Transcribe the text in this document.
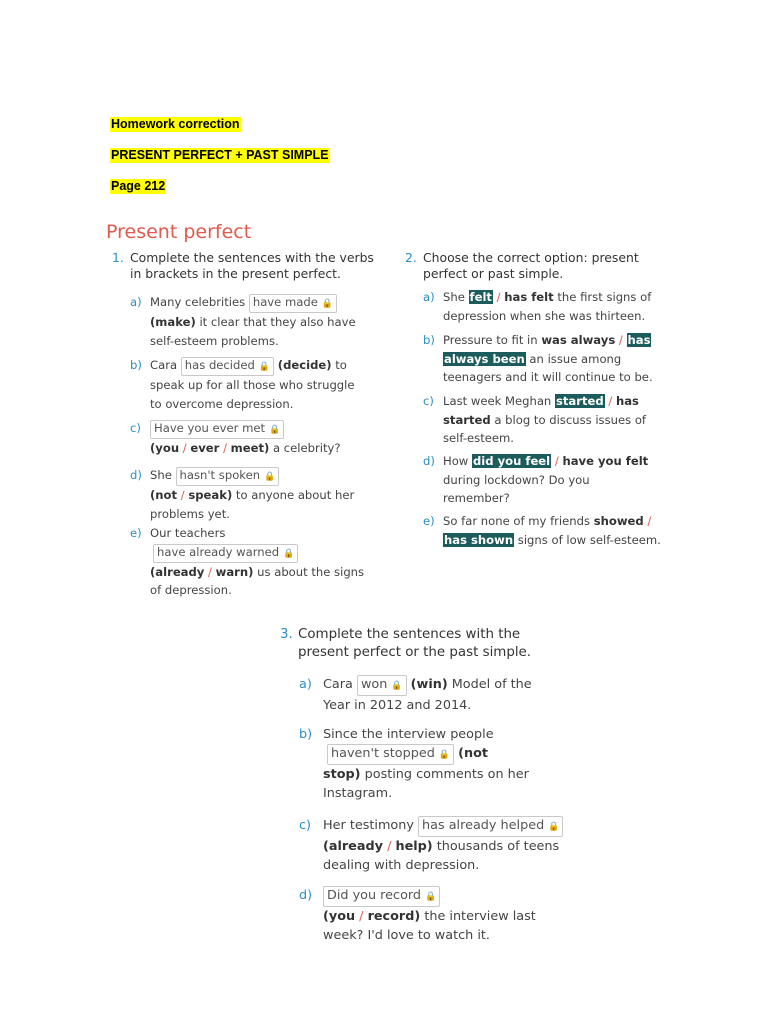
Homework correction
PRESENT PERFECT + PAST SIMPLE
Page 212
Present perfect
1. Complete the sentences with the verbs
in brackets in the present perfect.
a) Many celebrities have made 🔒
(make) it clear that they also have
self-esteem problems.
b) Cara has decided 🔒 (decide) to
speak up for all those who struggle
to overcome depression.
c)	Have you ever met 🔒
(you / ever / meet) a celebrity?
d) She hasn't spoken 🔒
(not / speak) to anyone about her
problems yet.
e) Our teachers
have already warned 🔒
(already / warn) us about the signs
of depression.
2. Choose the correct option: present
perfect or past simple.
a) She felt / has felt the first signs of
depression when she was thirteen.
b) Pressure to fit in was always / has
always been an issue among
teenagers and it will continue to be.
c) Last week Meghan started / has
started a blog to discuss issues of
self-esteem.
d) How did you feel / have you felt
during lockdown? Do you
remember?
e) So far none of my friends showed /
has shown signs of low self-esteem.
3. Complete the sentences with the
present perfect or the past simple.
a) Cara won 🔒 (win) Model of the
Year in 2012 and 2014.
b) Since the interview people
haven't stopped 🔒 (not
stop) posting comments on her
Instagram.
c) Her testimony has already helped 🔒
(already / help) thousands of teens
dealing with depression.
d)	Did you record 🔒
(you / record) the interview last
week? I'd love to watch it.
